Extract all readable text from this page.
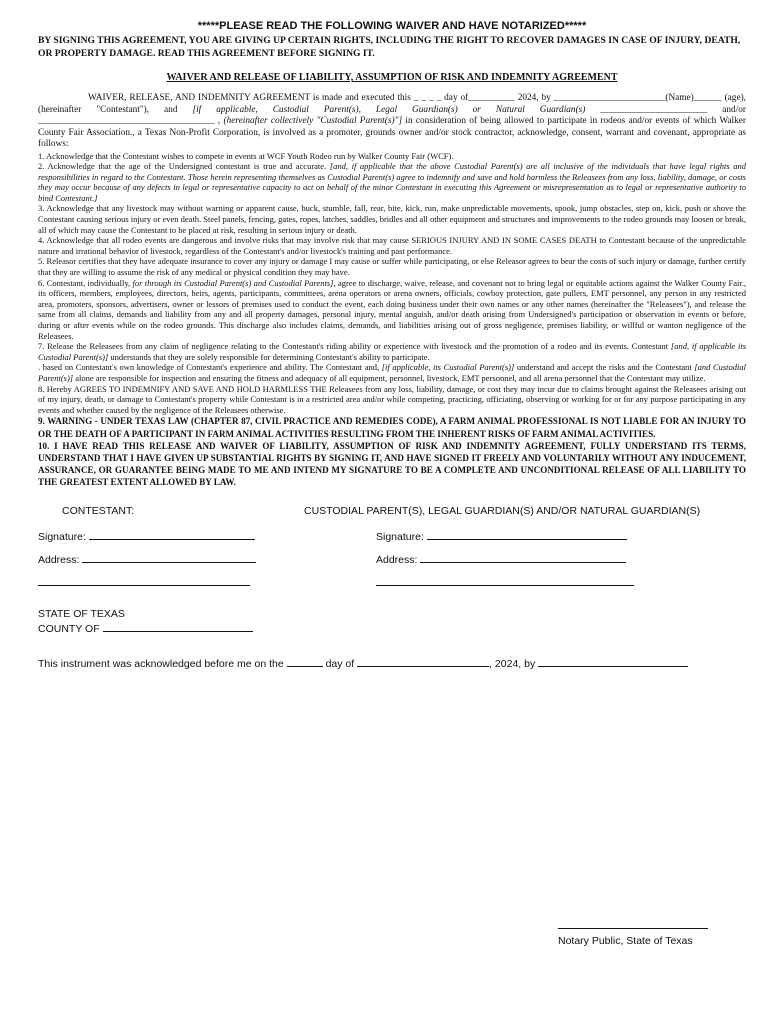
*****PLEASE READ THE FOLLOWING WAIVER AND HAVE NOTARIZED*****
BY SIGNING THIS AGREEMENT, YOU ARE GIVING UP CERTAIN RIGHTS, INCLUDING THE RIGHT TO RECOVER DAMAGES IN CASE OF INJURY, DEATH, OR PROPERTY DAMAGE. READ THIS AGREEMENT BEFORE SIGNING IT.
WAIVER AND RELEASE OF LIABILITY, ASSUMPTION OF RISK AND INDEMNITY AGREEMENT
WAIVER, RELEASE, AND INDEMNITY AGREEMENT is made and executed this _ _ _ _ day of__________ 2024, by ________________________(Name)______ (age), (hereinafter "Contestant"), and [if applicable, Custodial Parent(s), Legal Guardian(s) or Natural Guardian(s) _______________________ and/or ______________________________________ , (hereinafter collectively "Custodial Parent(s)"] in consideration of being allowed to participate in rodeos and/or events of which Walker County Fair Association., a Texas Non-Profit Corporation, is involved as a promoter, grounds owner and/or stock contractor, acknowledge, consent, warrant and covenant, appropriate as follows:

1. Acknowledge that the Contestant wishes to compete in events at WCF Youth Rodeo run by Walker County Fair (WCF).

2. Acknowledge that the age of the Undersigned contestant is true and accurate. [and, if applicable that the above Custodial Parent(s) are all inclusive of the individuals that have legal rights and responsibilities in regard to the Contestant. Those herein representing themselves as Custodial Parent(s) agree to indemnify and save and hold harmless the Releasees from any loss, liability, damage, or costs they may occur because of any defects in legal or representative capacity to act on behalf of the minor Contestant in executing this Agreement or misrepresentation as to legal or representative authority to bind Contestant.]

3. Acknowledge that any livestock may without warning or apparent cause, buck, stumble, fall, rear, bite, kick, run, make unpredictable movements, spook, jump obstacles, step on, kick, push or shove the Contestant causing serious injury or even death. Steel panels, fencing, gates, ropes, latches, saddles, bridles and all other equipment and structures and improvements to the rodeo grounds may loosen or break, all of which may cause the Contestant to be placed at risk, resulting in serious injury or death.

4. Acknowledge that all rodeo events are dangerous and involve risks that may involve risk that may cause SERIOUS INJURY AND IN SOME CASES DEATH to Contestant because of the unpredictable nature and irrational behavior of livestock, regardless of the Contestant's and/or livestock's training and past performance.

5. Releasor certifies that they have adequate insurance to cover any injury or damage I may cause or suffer while participating, or else Releasor agrees to bear the costs of such injury or damage, further certify that they are willing to assume the risk of any medical or physical condition they may have.

6. Contestant, individually, for through its Custodial Parent(s) and Custodial Parents], agree to discharge, waive, release, and covenant not to bring legal or equitable actions against the Walker County Fair., its officers, members, employees, directors, heirs, agents, participants, committees, arena operators or arena owners, officials, cowboy protection, gate pullers, EMT personnel, any person in any restricted area, promoters, sponsors, advertisers, owner or lessors of premises used to conduct the event, each doing business under their own names or any other names (hereinafter the "Releasees"), and release the same from all claims, demands and liability from any and all property damages, personal injury, mental anguish, and/or death arising from Undersigned's participation or observation in events or before, during or after events while on the rodeo grounds. This discharge also includes claims, demands, and liabilities arising out of gross negligence, premises liability, or willful or wanton negligence of the Releasees.

7. Release the Releasees from any claim of negligence relating to the Contestant's riding ability or experience with livestock and the promotion of a rodeo and its events. Contestant [and, if applicable its Custodial Parent(s)] understands that they are solely responsible for determining Contestant's ability to participate.

. based on Contestant's own knowledge of Contestant's experience and ability. The Contestant and, [if applicable, its Custodial Parent(s)] understand and accept the risks and the Contestant [and Custodial Parent(s)] alone are responsible for inspection and ensuring the fitness and adequacy of all equipment, personnel, livestock, EMT personnel, and all arena personnel that the Contestant may utilize.

8. Hereby AGREES TO INDEMNIFY AND SAVE AND HOLD HARMLESS THE Releasees from any loss, liability, damage, or cost they may incur due to claims brought against the Releasees arising out of my injury, death, or damage to Contestant's property while Contestant is in a restricted area and/or while competing, practicing, officiating, observing or working for or for any purpose participating in any events and whether caused by the negligence of the Releasees otherwise.

9. WARNING - UNDER TEXAS LAW (CHAPTER 87, CIVIL PRACTICE AND REMEDIES CODE), A FARM ANIMAL PROFESSIONAL IS NOT LIABLE FOR AN INJURY TO OR THE DEATH OF A PARTICIPANT IN FARM ANIMAL ACTIVITIES RESULTING FROM THE INHERENT RISKS OF FARM ANIMAL ACTIVITIES.

10. I HAVE READ THIS RELEASE AND WAIVER OF LIABILITY, ASSUMPTION OF RISK AND INDEMNITY AGREEMENT, FULLY UNDERSTAND ITS TERMS, UNDERSTAND THAT I HAVE GIVEN UP SUBSTANTIAL RIGHTS BY SIGNING IT, AND HAVE SIGNED IT FREELY AND VOLUNTARILY WITHOUT ANY INDUCEMENT, ASSURANCE, OR GUARANTEE BEING MADE TO ME AND INTEND MY SIGNATURE TO BE A COMPLETE AND UNCONDITIONAL RELEASE OF ALL LIABILITY TO THE GREATEST EXTENT ALLOWED BY LAW.

CONTESTANT:
Signature:
Address:
CUSTODIAL PARENT(S), LEGAL GUARDIAN(S) AND/OR NATURAL GUARDIAN(S)
Signature:
Address:
STATE OF TEXAS
COUNTY OF
This instrument was acknowledged before me on the	day of	, 2024, by
Notary Public, State of Texas
